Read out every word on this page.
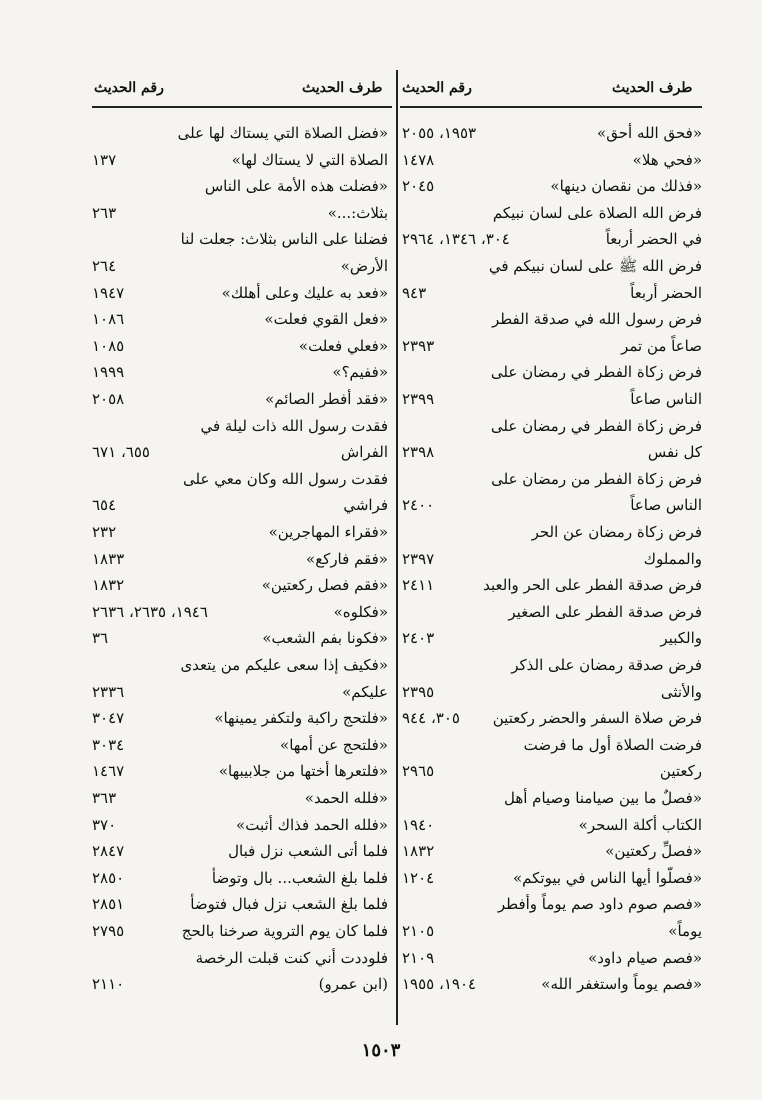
طرف الحديث
رقم الحديث
طرف الحديث
رقم الحديث
«فحق الله أحق»
١٩٥٣، ٢٠٥٥
«فحي هلا»
١٤٧٨
«فذلك من نقصان دينها»
٢٠٤٥
فرض الله الصلاة على لسان نبيكم
في الحضر أربعاً
٣٠٤، ١٣٤٦، ٢٩٦٤
فرض الله ﷺ على لسان نبيكم في
الحضر أربعاً
٩٤٣
فرض رسول الله في صدقة الفطر
صاعاً من تمر
٢٣٩٣
فرض زكاة الفطر في رمضان على
الناس صاعاً
٢٣٩٩
فرض زكاة الفطر في رمضان على
كل نفس
٢٣٩٨
فرض زكاة الفطر من رمضان على
الناس صاعاً
٢٤٠٠
فرض زكاة رمضان عن الحر
والمملوك
٢٣٩٧
فرض صدقة الفطر على الحر والعبد
٢٤١١
فرض صدقة الفطر على الصغير
والكبير
٢٤٠٣
فرض صدقة رمضان على الذكر
والأنثى
٢٣٩٥
فرض صلاة السفر والحضر ركعتين
٣٠٥، ٩٤٤
فرضت الصلاة أول ما فرضت
ركعتين
٢٩٦٥
«فصلٌ ما بين صيامنا وصيام أهل
الكتاب أكلة السحر»
١٩٤٠
«فصلِّ ركعتين»
١٨٣٢
«فصلّوا أيها الناس في بيوتكم»
١٢٠٤
«فصم صوم داود صم يوماً وأفطر
يوماً»
٢١٠٥
«فصم صيام داود»
٢١٠٩
«فصم يوماً واستغفر الله»
١٩٠٤، ١٩٥٥
«فضل الصلاة التي يستاك لها على
الصلاة التي لا يستاك لها»
١٣٧
«فضلت هذه الأمة على الناس
بثلاث:...»
٢٦٣
فضلنا على الناس بثلاث: جعلت لنا
الأرض»
٢٦٤
«فعد به عليك وعلى أهلك»
١٩٤٧
«فعل القوي فعلت»
١٠٨٦
«فعلي فعلت»
١٠٨٥
«ففيم؟»
١٩٩٩
«فقد أفطر الصائم»
٢٠٥٨
فقدت رسول الله ذات ليلة في
الفراش
٦٥٥، ٦٧١
فقدت رسول الله وكان معي على
فراشي
٦٥٤
«فقراء المهاجرين»
٢٣٢
«فقم فاركع»
١٨٣٣
«فقم فصل ركعتين»
١٨٣٢
«فكلوه»
١٩٤٦، ٢٦٣٥، ٢٦٣٦
«فكونا بفم الشعب»
٣٦
«فكيف إذا سعى عليكم من يتعدى
عليكم»
٢٣٣٦
«فلتحج راكبة ولتكفر يمينها»
٣٠٤٧
«فلتحج عن أمها»
٣٠٣٤
«فلتعرها أختها من جلابيبها»
١٤٦٧
«فلله الحمد»
٣٦٣
«فلله الحمد فذاك أثبت»
٣٧٠
فلما أتى الشعب نزل فبال
٢٨٤٧
فلما بلغ الشعب... بال وتوضأ
٢٨٥٠
فلما بلغ الشعب نزل فبال فتوضأ
٢٨٥١
فلما كان يوم التروية صرخنا بالحج
٢٧٩٥
فلوددت أني كنت قبلت الرخصة
(ابن عمرو)
٢١١٠
١٥٠٣
